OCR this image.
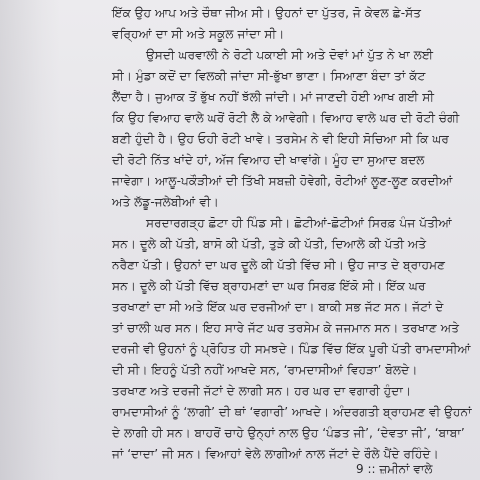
ਇੱਕ ਉਹ ਆਪ ਅਤੇ ਚੌਥਾ ਜੀਅ ਸੀ। ਉਹਨਾਂ ਦਾ ਪੁੱਤਰ, ਜੋ ਕੇਵਲ ਛੇ-ਸੱਤ
ਵਰ੍ਹਿਆਂ ਦਾ ਸੀ ਅਤੇ ਸਕੂਲ ਜਾਂਦਾ ਸੀ।
ਉਸਦੀ ਘਰਵਾਲੀ ਨੇ ਰੋਟੀ ਪਕਾਈ ਸੀ ਅਤੇ ਦੋਵਾਂ ਮਾਂ ਪੁੱਤ ਨੇ ਖਾ ਲਈ
ਸੀ। ਮੁੰਡਾ ਕਦੋਂ ਦਾ ਵਿਲਕੀ ਜਾਂਦਾ ਸੀ-ਭੁੱਖਾ ਭਾਣਾ। ਸਿਆਣਾ ਬੰਦਾ ਤਾਂ ਕੱਟ
ਲੈਂਦਾ ਹੈ। ਜੁਆਕ ਤੋਂ ਭੁੱਖ ਨਹੀਂ ਝੱਲੀ ਜਾਂਦੀ। ਮਾਂ ਜਾਣਦੀ ਹੋਈ ਆਖ ਗਈ ਸੀ
ਕਿ ਉਹ ਵਿਆਹ ਵਾਲੇ ਘਰੋਂ ਰੋਟੀ ਲੈ ਕੇ ਆਵੇਗੀ। ਵਿਆਹ ਵਾਲੇ ਘਰ ਦੀ ਰੋਟੀ ਚੰਗੀ
ਬਣੀ ਹੁੰਦੀ ਹੈ। ਉਹ ਓਹੀ ਰੋਟੀ ਖਾਵੇ। ਤਰਸੇਮ ਨੇ ਵੀ ਇਹੀ ਸੋਚਿਆ ਸੀ ਕਿ ਘਰ
ਦੀ ਰੋਟੀ ਨਿੱਤ ਖਾਂਦੇ ਹਾਂ, ਅੱਜ ਵਿਆਹ ਦੀ ਖਾਵਾਂਗੇ। ਮੂੰਹ ਦਾ ਸੁਆਦ ਬਦਲ
ਜਾਵੇਗਾ। ਆਲੂ-ਪਕੌੜੀਆਂ ਦੀ ਤਿੱਖੀ ਸਬਜ਼ੀ ਹੋਵੇਗੀ, ਰੋਟੀਆਂ ਲੂਣ-ਲੂਣ ਕਰਦੀਆਂ
ਅਤੇ ਲੱਡੂ-ਜਲੇਬੀਆਂ ਵੀ।
ਸਰਦਾਰਗੜ੍ਹ ਛੋਟਾ ਹੀ ਪਿੰਡ ਸੀ। ਛੋਟੀਆਂ-ਛੋਟੀਆਂ ਸਿਰਫ਼ ਪੰਜ ਪੱਤੀਆਂ
ਸਨ। ਦੂਲੇ ਕੀ ਪੱਤੀ, ਬਾਸੋ ਕੀ ਪੱਤੀ, ਤੁੜੇ ਕੀ ਪੱਤੀ, ਦਿਆਲੇ ਕੀ ਪੱਤੀ ਅਤੇ
ਨਰੈਣਾ ਪੱਤੀ। ਉਹਨਾਂ ਦਾ ਘਰ ਦੂਲੇ ਕੀ ਪੱਤੀ ਵਿੱਚ ਸੀ। ਉਹ ਜਾਤ ਦੇ ਬ੍ਰਾਹਮਣ
ਸਨ। ਦੂਲੇ ਕੀ ਪੱਤੀ ਵਿੱਚ ਬ੍ਰਾਹਮਣਾਂ ਦਾ ਘਰ ਸਿਰਫ਼ ਇੱਕੋ ਸੀ। ਇੱਕ ਘਰ
ਤਰਖਾਣਾਂ ਦਾ ਸੀ ਅਤੇ ਇੱਕ ਘਰ ਦਰਜੀਆਂ ਦਾ। ਬਾਕੀ ਸਭ ਜੱਟ ਸਨ। ਜੱਟਾਂ ਦੇ
ਤਾਂ ਚਾਲੀ ਘਰ ਸਨ। ਇਹ ਸਾਰੇ ਜੱਟ ਘਰ ਤਰਸੇਮ ਕੇ ਜਜਮਾਨ ਸਨ। ਤਰਖਾਣ ਅਤੇ
ਦਰਜੀ ਵੀ ਉਹਨਾਂ ਨੂੰ ਪ੍ਰੋਹਿਤ ਹੀ ਸਮਝਦੇ। ਪਿੰਡ ਵਿੱਚ ਇੱਕ ਪੂਰੀ ਪੱਤੀ ਰਾਮਦਾਸੀਆਂ
ਦੀ ਸੀ। ਇਹਨੂੰ ਪੱਤੀ ਨਹੀਂ ਆਖਦੇ ਸਨ, ‘ਰਾਮਦਾਸੀਆਂ ਵਿਹੜਾ’ ਬੋਲਦੇ।
ਤਰਖਾਣ ਅਤੇ ਦਰਜੀ ਜੱਟਾਂ ਦੇ ਲਾਗੀ ਸਨ। ਹਰ ਘਰ ਦਾ ਵਗਾਰੀ ਹੁੰਦਾ।
ਰਾਮਦਾਸੀਆਂ ਨੂੰ ‘ਲਾਗੀ’ ਦੀ ਥਾਂ ‘ਵਗਾਰੀ’ ਆਖਦੇ। ਅੰਦਰਗਤੀ ਬ੍ਰਾਹਮਣ ਵੀ ਉਹਨਾਂ
ਦੇ ਲਾਗੀ ਹੀ ਸਨ। ਬਾਹਰੋਂ ਚਾਹੇ ਉਨ੍ਹਾਂ ਨਾਲ ਉਹ ‘ਪੰਡਤ ਜੀ’, ‘ਦੇਵਤਾ ਜੀ’, ‘ਬਾਬਾ’
ਜਾਂ ‘ਦਾਦਾ’ ਜੀ ਸਨ। ਵਿਆਹਾਂ ਵੇਲੇ ਲਾਗੀਆਂ ਨਾਲ ਜੱਟਾਂ ਦੇ ਰੌਲੇ ਪੈਂਦੇ ਰਹਿੰਦੇ।
9 :: ਜ਼ਮੀਨਾਂ ਵਾਲੇ
